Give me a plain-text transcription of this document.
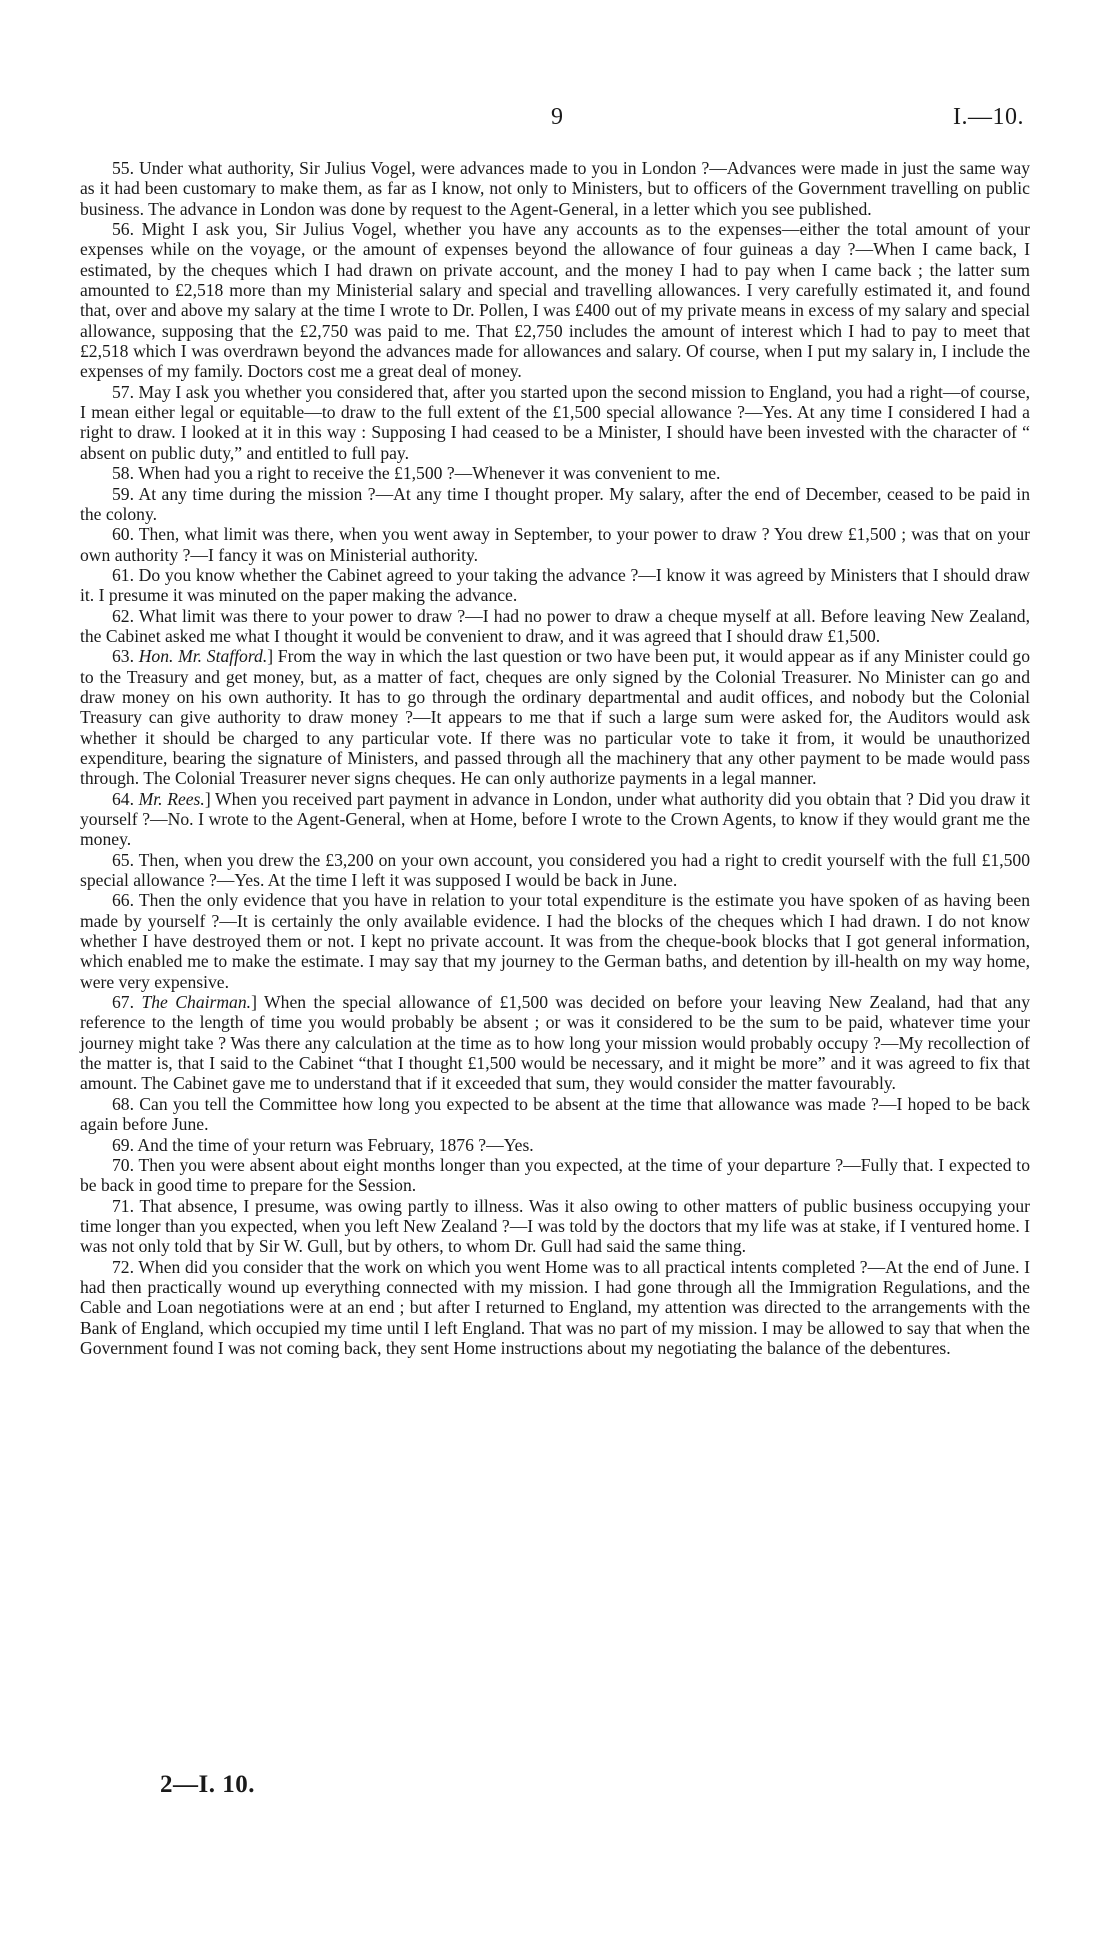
9	I.—10.

55. Under what authority, Sir Julius Vogel, were advances made to you in London ?—Advances were made in just the same way as it had been customary to make them, as far as I know, not only to Ministers, but to officers of the Government travelling on public business. The advance in London was done by request to the Agent-General, in a letter which you see published.

56. Might I ask you, Sir Julius Vogel, whether you have any accounts as to the expenses—either the total amount of your expenses while on the voyage, or the amount of expenses beyond the allowance of four guineas a day ?—When I came back, I estimated, by the cheques which I had drawn on private account, and the money I had to pay when I came back ; the latter sum amounted to £2,518 more than my Ministerial salary and special and travelling allowances. I very carefully estimated it, and found that, over and above my salary at the time I wrote to Dr. Pollen, I was £400 out of my private means in excess of my salary and special allowance, supposing that the £2,750 was paid to me. That £2,750 includes the amount of interest which I had to pay to meet that £2,518 which I was overdrawn beyond the advances made for allowances and salary. Of course, when I put my salary in, I include the expenses of my family. Doctors cost me a great deal of money.

57. May I ask you whether you considered that, after you started upon the second mission to England, you had a right—of course, I mean either legal or equitable—to draw to the full extent of the £1,500 special allowance ?—Yes. At any time I considered I had a right to draw. I looked at it in this way : Supposing I had ceased to be a Minister, I should have been invested with the character of “ absent on public duty,” and entitled to full pay.

58. When had you a right to receive the £1,500 ?—Whenever it was convenient to me.

59. At any time during the mission ?—At any time I thought proper. My salary, after the end of December, ceased to be paid in the colony.

60. Then, what limit was there, when you went away in September, to your power to draw ? You drew £1,500 ; was that on your own authority ?—I fancy it was on Ministerial authority.

61. Do you know whether the Cabinet agreed to your taking the advance ?—I know it was agreed by Ministers that I should draw it. I presume it was minuted on the paper making the advance.

62. What limit was there to your power to draw ?—I had no power to draw a cheque myself at all. Before leaving New Zealand, the Cabinet asked me what I thought it would be convenient to draw, and it was agreed that I should draw £1,500.

63. Hon. Mr. Stafford.] From the way in which the last question or two have been put, it would appear as if any Minister could go to the Treasury and get money, but, as a matter of fact, cheques are only signed by the Colonial Treasurer. No Minister can go and draw money on his own authority. It has to go through the ordinary departmental and audit offices, and nobody but the Colonial Treasury can give authority to draw money ?—It appears to me that if such a large sum were asked for, the Auditors would ask whether it should be charged to any particular vote. If there was no particular vote to take it from, it would be unauthorized expenditure, bearing the signature of Ministers, and passed through all the machinery that any other payment to be made would pass through. The Colonial Treasurer never signs cheques. He can only authorize payments in a legal manner.

64. Mr. Rees.] When you received part payment in advance in London, under what authority did you obtain that ? Did you draw it yourself ?—No. I wrote to the Agent-General, when at Home, before I wrote to the Crown Agents, to know if they would grant me the money.

65. Then, when you drew the £3,200 on your own account, you considered you had a right to credit yourself with the full £1,500 special allowance ?—Yes. At the time I left it was supposed I would be back in June.

66. Then the only evidence that you have in relation to your total expenditure is the estimate you have spoken of as having been made by yourself ?—It is certainly the only available evidence. I had the blocks of the cheques which I had drawn. I do not know whether I have destroyed them or not. I kept no private account. It was from the cheque-book blocks that I got general information, which enabled me to make the estimate. I may say that my journey to the German baths, and detention by ill-health on my way home, were very expensive.

67. The Chairman.] When the special allowance of £1,500 was decided on before your leaving New Zealand, had that any reference to the length of time you would probably be absent ; or was it considered to be the sum to be paid, whatever time your journey might take ? Was there any calculation at the time as to how long your mission would probably occupy ?—My recollection of the matter is, that I said to the Cabinet “that I thought £1,500 would be necessary, and it might be more” and it was agreed to fix that amount. The Cabinet gave me to understand that if it exceeded that sum, they would consider the matter favourably.

68. Can you tell the Committee how long you expected to be absent at the time that allowance was made ?—I hoped to be back again before June.

69. And the time of your return was February, 1876 ?—Yes.

70. Then you were absent about eight months longer than you expected, at the time of your departure ?—Fully that. I expected to be back in good time to prepare for the Session.

71. That absence, I presume, was owing partly to illness. Was it also owing to other matters of public business occupying your time longer than you expected, when you left New Zealand ?—I was told by the doctors that my life was at stake, if I ventured home. I was not only told that by Sir W. Gull, but by others, to whom Dr. Gull had said the same thing.

72. When did you consider that the work on which you went Home was to all practical intents completed ?—At the end of June. I had then practically wound up everything connected with my mission. I had gone through all the Immigration Regulations, and the Cable and Loan negotiations were at an end ; but after I returned to England, my attention was directed to the arrangements with the Bank of England, which occupied my time until I left England. That was no part of my mission. I may be allowed to say that when the Government found I was not coming back, they sent Home instructions about my negotiating the balance of the debentures.

2—I. 10.
